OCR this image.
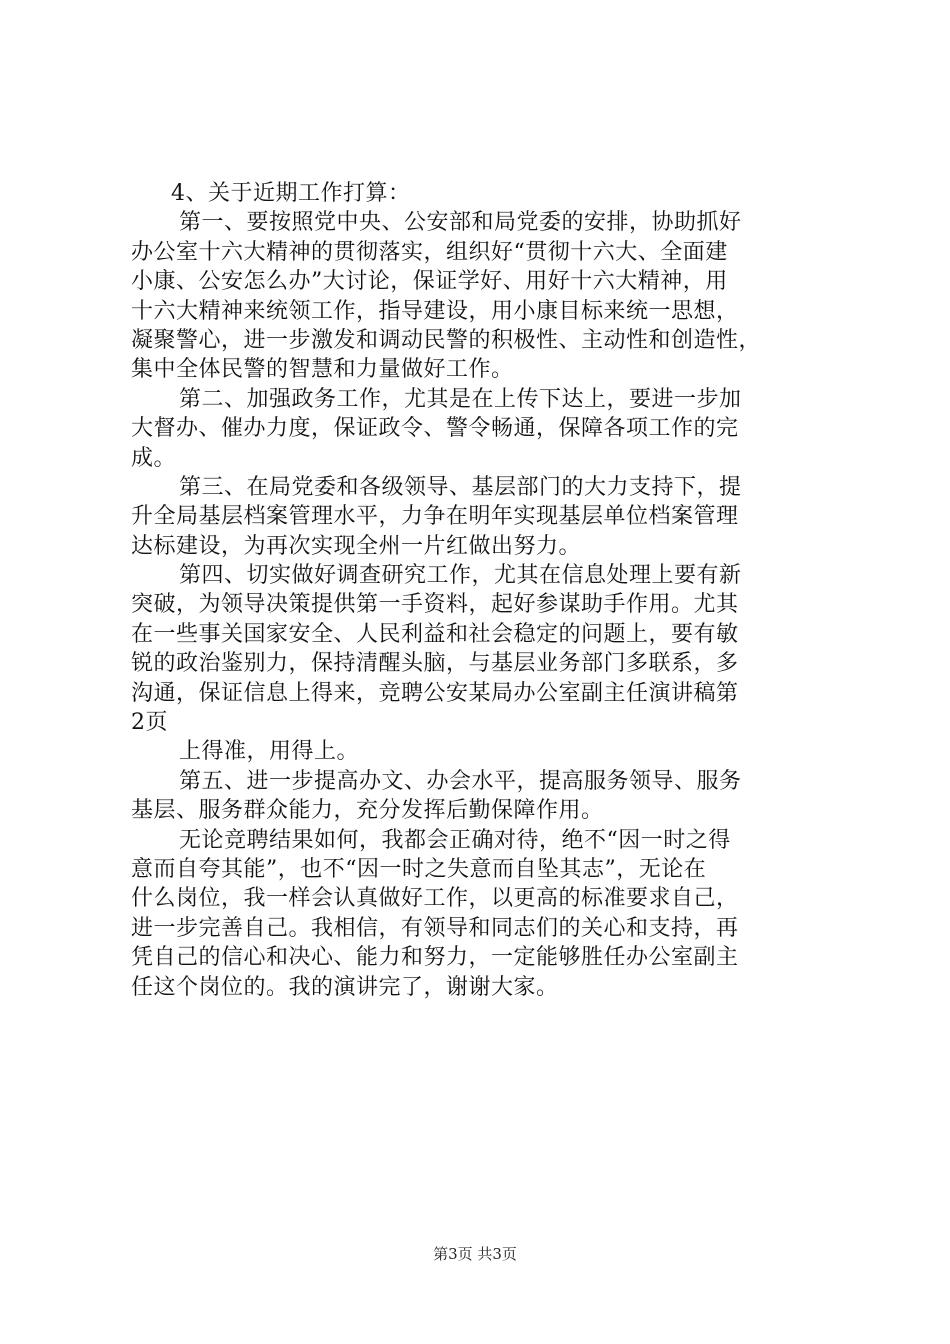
4、关于近期工作打算：
第一、要按照党中央、公安部和局党委的安排，协助抓好
办公室十六大精神的贯彻落实，组织好“贯彻十六大、全面建
小康、公安怎么办”大讨论，保证学好、用好十六大精神，用
十六大精神来统领工作，指导建设，用小康目标来统一思想，
凝聚警心，进一步激发和调动民警的积极性、主动性和创造性，
集中全体民警的智慧和力量做好工作。
第二、加强政务工作，尤其是在上传下达上，要进一步加
大督办、催办力度，保证政令、警令畅通，保障各项工作的完
成。
第三、在局党委和各级领导、基层部门的大力支持下，提
升全局基层档案管理水平，力争在明年实现基层单位档案管理
达标建设，为再次实现全州一片红做出努力。
第四、切实做好调查研究工作，尤其在信息处理上要有新
突破，为领导决策提供第一手资料，起好参谋助手作用。尤其
在一些事关国家安全、人民利益和社会稳定的问题上，要有敏
锐的政治鉴别力，保持清醒头脑，与基层业务部门多联系，多
沟通，保证信息上得来，竞聘公安某局办公室副主任演讲稿第
2页
上得准，用得上。
第五、进一步提高办文、办会水平，提高服务领导、服务
基层、服务群众能力，充分发挥后勤保障作用。
无论竞聘结果如何，我都会正确对待，绝不“因一时之得
意而自夸其能”，也不“因一时之失意而自坠其志”，无论在
什么岗位，我一样会认真做好工作，以更高的标准要求自己，
进一步完善自己。我相信，有领导和同志们的关心和支持，再
凭自己的信心和决心、能力和努力，一定能够胜任办公室副主
任这个岗位的。我的演讲完了，谢谢大家。
第3页 共3页
